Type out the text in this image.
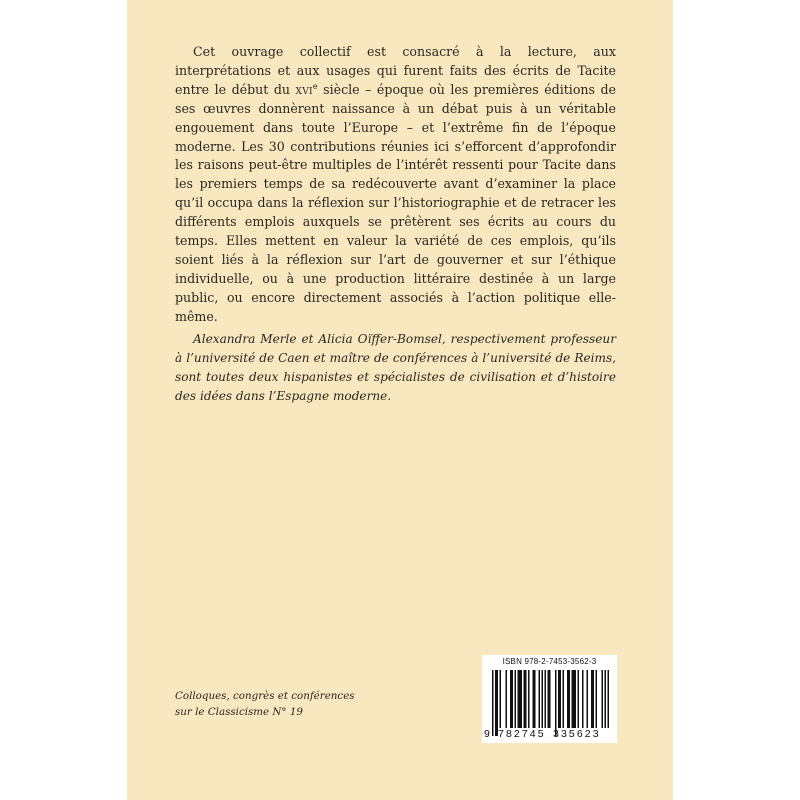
Cet ouvrage collectif est consacré à la lecture, aux interprétations et aux usages qui furent faits des écrits de Tacite entre le début du xvi$^e$ siècle – époque où les premières éditions de ses œuvres donnèrent naissance à un débat puis à un véritable engouement dans toute l’Europe – et l’extrême fin de l’époque moderne. Les 30 contributions réunies ici s’efforcent d’approfondir les raisons peut-être multiples de l’intérêt ressenti pour Tacite dans les premiers temps de sa redécouverte avant d’examiner la place qu’il occupa dans la réflexion sur l’historiographie et de retracer les différents emplois auxquels se prêtèrent ses écrits au cours du temps. Elles mettent en valeur la variété de ces emplois, qu’ils soient liés à la réflexion sur l’art de gouverner et sur l’éthique individuelle, ou à une production littéraire destinée à un large public, ou encore directement associés à l’action politique elle-même.

Alexandra Merle et Alicia Oïffer-Bomsel, respectivement professeur à l’université de Caen et maître de conférences à l’université de Reims, sont toutes deux hispanistes et spécialistes de civilisation et d’histoire des idées dans l’Espagne moderne.

Colloques, congrès et conférences
sur le Classicisme N° 19
ISBN 978-2-7453-3562-3
9 782745 335623
